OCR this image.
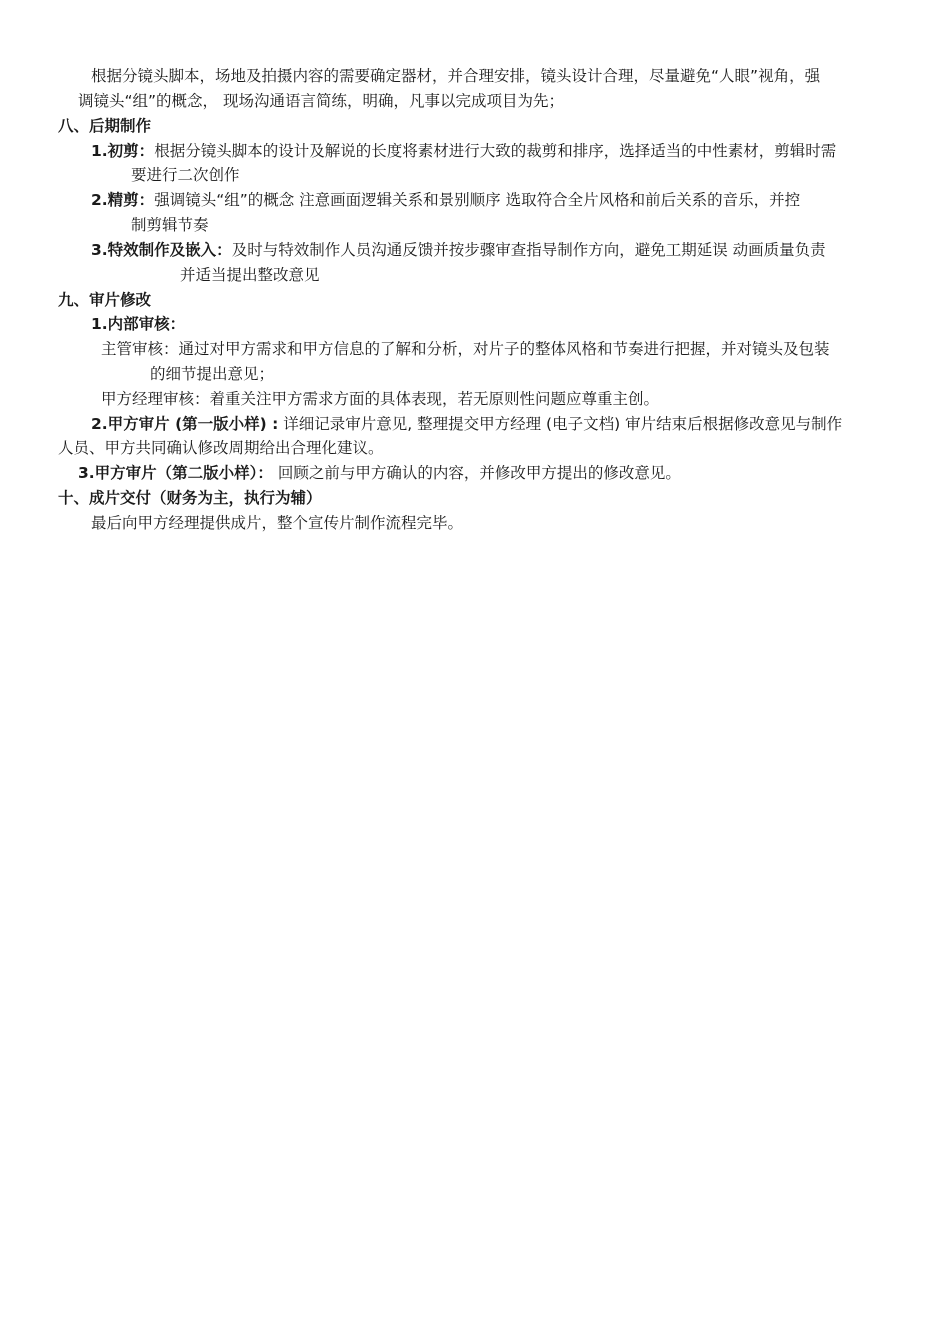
根据分镜头脚本，场地及拍摄内容的需要确定器材，并合理安排，镜头设计合理，尽量避免“人眼”视角，强
调镜头“组”的概念， 现场沟通语言简练，明确，凡事以完成项目为先；
八、后期制作
1.初剪：根据分镜头脚本的设计及解说的长度将素材进行大致的裁剪和排序，选择适当的中性素材，剪辑时需
要进行二次创作
2.精剪：强调镜头“组”的概念 注意画面逻辑关系和景别顺序 选取符合全片风格和前后关系的音乐，并控
制剪辑节奏
3.特效制作及嵌入：及时与特效制作人员沟通反馈并按步骤审查指导制作方向，避免工期延误 动画质量负责
并适当提出整改意见
九、审片修改
1.内部审核：
主管审核：通过对甲方需求和甲方信息的了解和分析，对片子的整体风格和节奏进行把握，并对镜头及包装
的细节提出意见；
甲方经理审核：着重关注甲方需求方面的具体表现，若无原则性问题应尊重主创。
2.甲方审片 (第一版小样) : 详细记录审片意见, 整理提交甲方经理 (电子文档) 审片结束后根据修改意见与制作
人员、甲方共同确认修改周期给出合理化建议。
3.甲方审片（第二版小样）： 回顾之前与甲方确认的内容，并修改甲方提出的修改意见。
十、成片交付（财务为主，执行为辅）
最后向甲方经理提供成片，整个宣传片制作流程完毕。
